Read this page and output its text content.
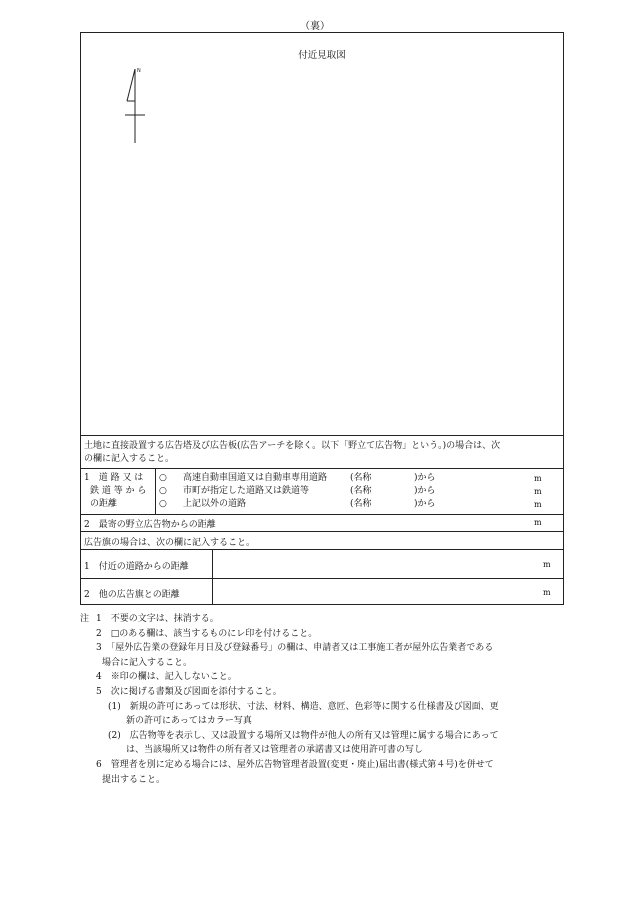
（裏）
付近見取図
N
土地に直接設置する広告塔及び広告板(広告アーチを除く。以下「野立て広告物」という。)の場合は、次
の欄に記入すること。
1　道 路 又 は
鉄 道 等 か ら
の距離
○ 高速自動車国道又は自動車専用道路	(名称	)から	m
○ 市町が指定した道路又は鉄道等	(名称	)から	m
○ 上記以外の道路	(名称	)から	m
2　最寄の野立広告物からの距離	m
広告旗の場合は、次の欄に記入すること。
1　付近の道路からの距離	m
2　他の広告旗との距離	m
注 1　不要の文字は、抹消する。
2　□のある欄は、該当するものにレ印を付けること。
3　「屋外広告業の登録年月日及び登録番号」の欄は、申請者又は工事施工者が屋外広告業者である
場合に記入すること。
4　※印の欄は、記入しないこと。
5　次に掲げる書類及び図面を添付すること。
(1)　新規の許可にあっては形状、寸法、材料、構造、意匠、色彩等に関する仕様書及び図面、更
新の許可にあってはカラー写真
(2)　広告物等を表示し、又は設置する場所又は物件が他人の所有又は管理に属する場合にあって
は、当該場所又は物件の所有者又は管理者の承諾書又は使用許可書の写し
6　管理者を別に定める場合には、屋外広告物管理者設置(変更・廃止)届出書(様式第４号)を併せて
提出すること。
